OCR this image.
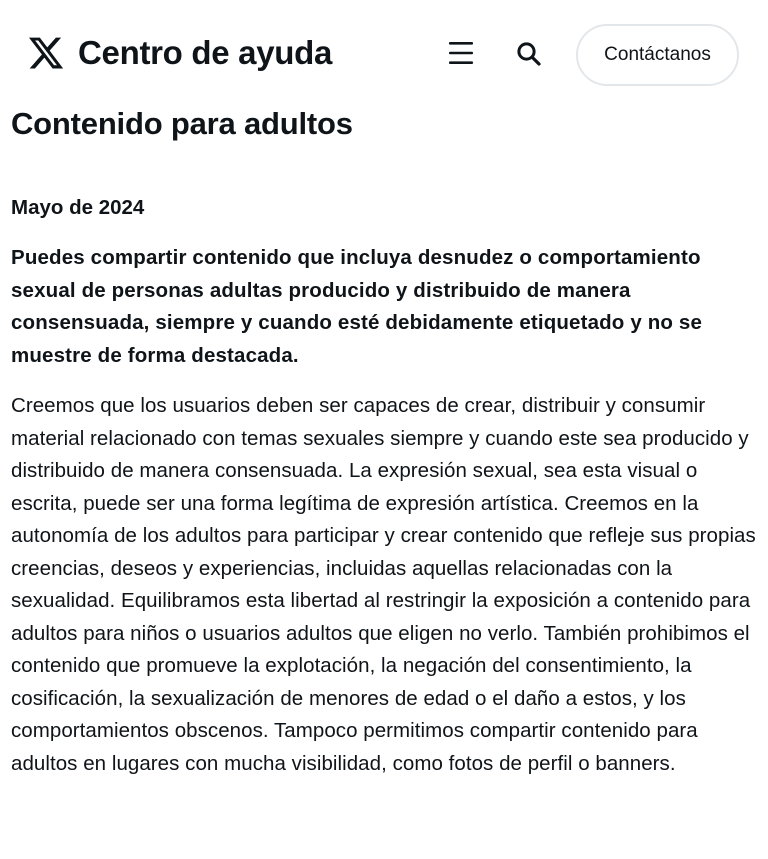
Centro de ayuda	Contáctanos
Contenido para adultos

Mayo de 2024

Puedes compartir contenido que incluya desnudez o comportamiento sexual de personas adultas producido y distribuido de manera consensuada, siempre y cuando esté debidamente etiquetado y no se muestre de forma destacada.

Creemos que los usuarios deben ser capaces de crear, distribuir y consumir material relacionado con temas sexuales siempre y cuando este sea producido y distribuido de manera consensuada. La expresión sexual, sea esta visual o escrita, puede ser una forma legítima de expresión artística. Creemos en la autonomía de los adultos para participar y crear contenido que refleje sus propias creencias, deseos y experiencias, incluidas aquellas relacionadas con la sexualidad. Equilibramos esta libertad al restringir la exposición a contenido para adultos para niños o usuarios adultos que eligen no verlo. También prohibimos el contenido que promueve la explotación, la negación del consentimiento, la cosificación, la sexualización de menores de edad o el daño a estos, y los comportamientos obscenos. Tampoco permitimos compartir contenido para adultos en lugares con mucha visibilidad, como fotos de perfil o banners.
